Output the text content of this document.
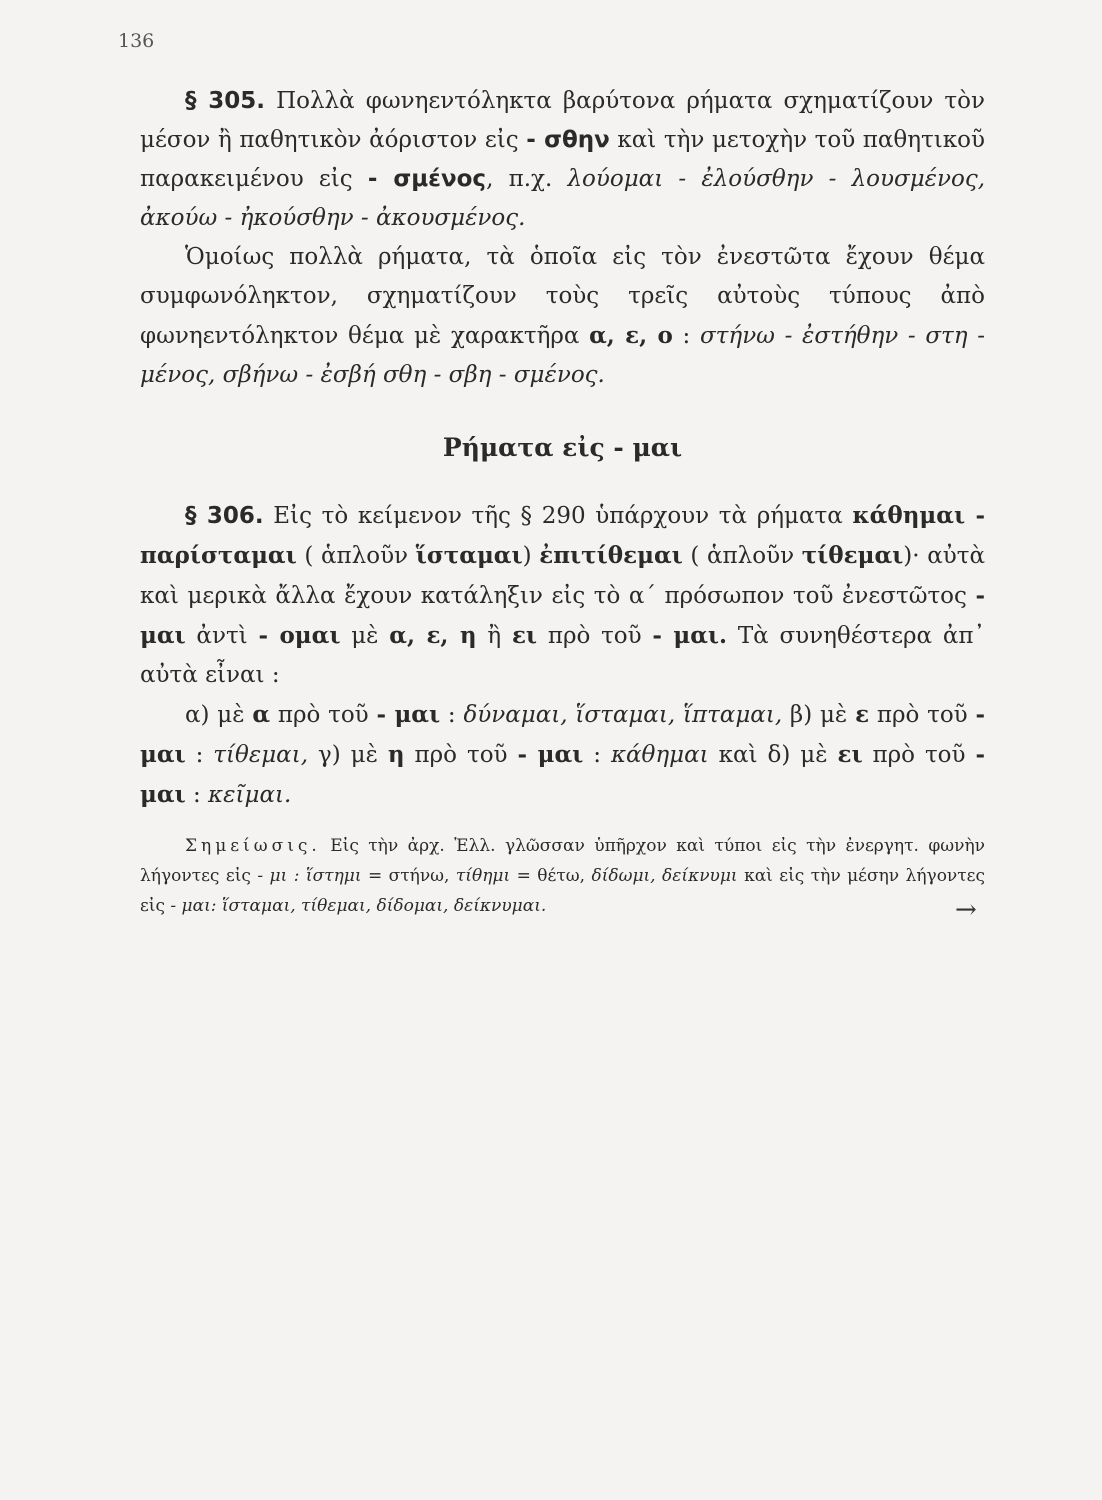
136

§ 305. Πολλὰ φωνηεντόληκτα βαρύτονα ρήματα σχηματίζουν τὸν μέσον ἢ παθητικὸν ἀόριστον εἰς - σθην καὶ τὴν μετοχὴν τοῦ παθητικοῦ παρακειμένου εἰς - σμένος, π.χ. λούομαι - ἐλούσθην - λουσμένος, ἀκούω - ἠκούσθην - ἀκουσμένος.

Ὁμοίως πολλὰ ρήματα, τὰ ὁποῖα εἰς τὸν ἐνεστῶτα ἔχουν θέμα συμφωνόληκτον, σχηματίζουν τοὺς τρεῖς αὐτοὺς τύπους ἀπὸ φωνηεντόληκτον θέμα μὲ χαρακτῆρα α, ε, ο : στήνω - ἐστήθην - στη - μένος, σβήνω - ἐσβή σθη - σβη - σμένος.

Ρήματα εἰς - μαι

§ 306. Εἰς τὸ κείμενον τῆς § 290 ὑπάρχουν τὰ ρήματα κάθημαι - παρίσταμαι ( ἁπλοῦν ἵσταμαι) ἐπιτίθεμαι ( ἁπλοῦν τίθεμαι)· αὐτὰ καὶ μερικὰ ἄλλα ἔχουν κατάληξιν εἰς τὸ α΄ πρόσωπον τοῦ ἐνεστῶτος - μαι ἀντὶ - ομαι μὲ α, ε, η ἢ ει πρὸ τοῦ - μαι. Τὰ συνηθέστερα ἀπ᾽ αὐτὰ εἶναι :

α) μὲ α πρὸ τοῦ - μαι : δύναμαι, ἵσταμαι, ἵπταμαι, β) μὲ ε πρὸ τοῦ - μαι : τίθεμαι, γ) μὲ η πρὸ τοῦ - μαι : κάθημαι καὶ δ) μὲ ει πρὸ τοῦ - μαι : κεῖμαι.

Σημείωσις. Εἰς τὴν ἀρχ. Ἑλλ. γλῶσσαν ὑπῆρχον καὶ τύποι εἰς τὴν ἐνεργητ. φωνὴν λήγοντες εἰς - μι : ἵστημι = στήνω, τίθημι = θέτω, δίδωμι, δείκνυμι καὶ εἰς τὴν μέσην λήγοντες εἰς - μαι: ἵσταμαι, τίθεμαι, δίδομαι, δείκνυμαι.	→
